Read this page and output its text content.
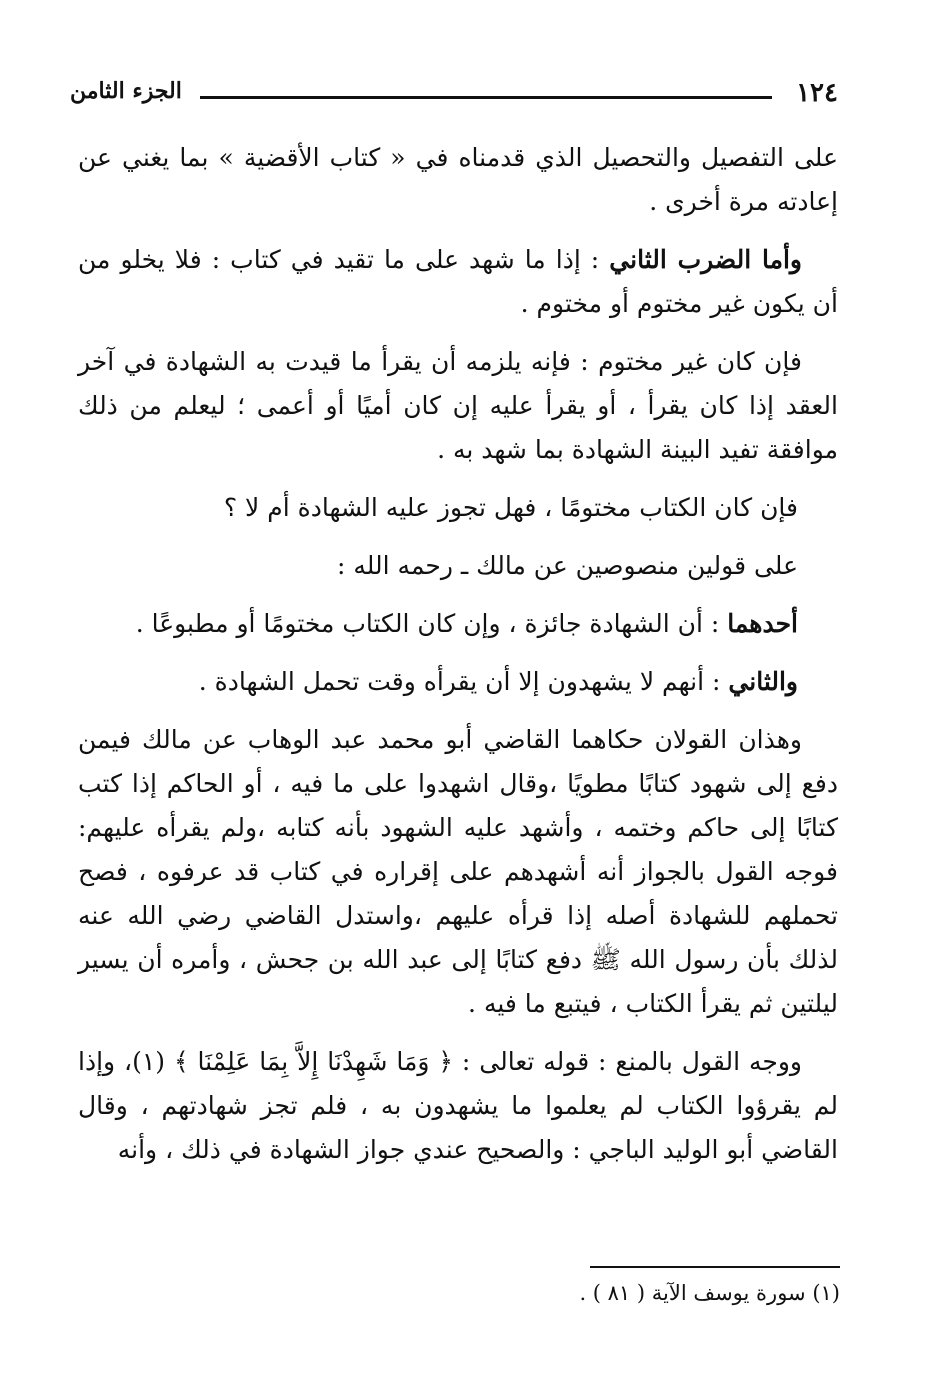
١٢٤
الجزء الثامن

على التفصيل والتحصيل الذي قدمناه في « كتاب الأقضية » بما يغني عن إعادته مرة أخرى .

وأما الضرب الثاني : إذا ما شهد على ما تقيد في كتاب : فلا يخلو من أن يكون غير مختوم أو مختوم .

فإن كان غير مختوم : فإنه يلزمه أن يقرأ ما قيدت به الشهادة في آخر العقد إذا كان يقرأ ، أو يقرأ عليه إن كان أميًا أو أعمى ؛ ليعلم من ذلك موافقة تفيد البينة الشهادة بما شهد به .

فإن كان الكتاب مختومًا ، فهل تجوز عليه الشهادة أم لا ؟

على قولين منصوصين عن مالك ـ رحمه الله :

أحدهما : أن الشهادة جائزة ، وإن كان الكتاب مختومًا أو مطبوعًا .

والثاني : أنهم لا يشهدون إلا أن يقرأه وقت تحمل الشهادة .

وهذان القولان حكاهما القاضي أبو محمد عبد الوهاب عن مالك فيمن دفع إلى شهود كتابًا مطويًا ،وقال اشهدوا على ما فيه ، أو الحاكم إذا كتب كتابًا إلى حاكم وختمه ، وأشهد عليه الشهود بأنه كتابه ،ولم يقرأه عليهم: فوجه القول بالجواز أنه أشهدهم على إقراره في كتاب قد عرفوه ، فصح تحملهم للشهادة أصله إذا قرأه عليهم ،واستدل القاضي رضي الله عنه لذلك بأن رسول الله ﷺ دفع كتابًا إلى عبد الله بن جحش ، وأمره أن يسير ليلتين ثم يقرأ الكتاب ، فيتبع ما فيه .

ووجه القول بالمنع : قوله تعالى : ﴿ وَمَا شَهِدْنَا إِلاَّ بِمَا عَلِمْنَا ﴾ (١)، وإذا لم يقرؤوا الكتاب لم يعلموا ما يشهدون به ، فلم تجز شهادتهم ، وقال القاضي أبو الوليد الباجي : والصحيح عندي جواز الشهادة في ذلك ، وأنه

(١) سورة يوسف الآية ( ٨١ ) .
